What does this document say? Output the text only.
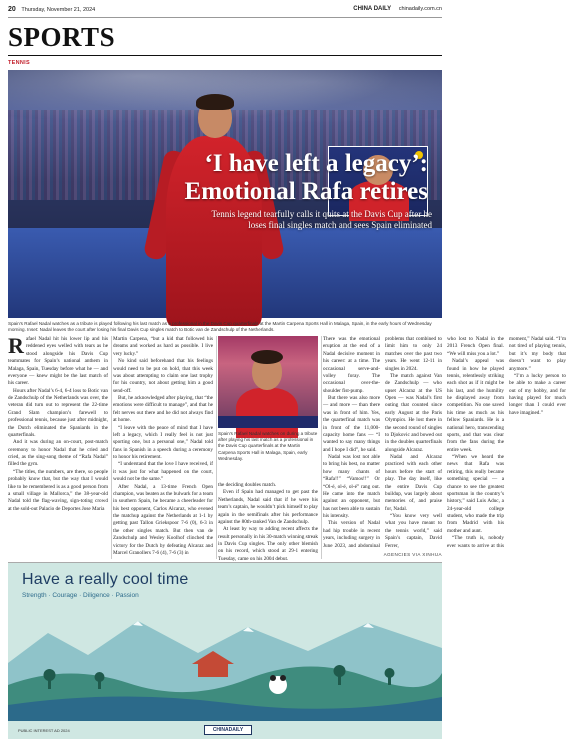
20 Thursday, November 21, 2024	CHINA DAILY chinadaily.com.cn
SPORTS
TENNIS
‘I have left a legacy’:
Emotional Rafa retires
Tennis legend tearfully calls it quits at the Davis Cup after he loses final singles match and sees Spain eliminated
Spain’s Rafael Nadal watches as a tribute is played following his last match as a professional in the Davis Cup quarterfinals at the Martin Carpena Sports Hall in Malaga, Spain, in the early hours of Wednesday morning. Inset: Nadal leaves the court after losing his final Davis Cup singles match to Botic van de Zandschulp of the Netherlands.

Rafael Nadal hit his lower lip and his reddened eyes welled with tears as he stood alongside his Davis Cup teammates for Spain’s national anthem in Malaga, Spain, Tuesday before what he — and everyone — knew might be the last match of his career.

Hours after Nadal’s 6-4, 6-4 loss to Botic van de Zandschulp of the Netherlands was over, the veteran did turn out to represent the 22-time Grand Slam champion’s farewell to professional tennis, because just after midnight, the Dutch eliminated the Spaniards in the quarterfinals.

And it was during an on-court, post-match ceremony to honor Nadal that he cried and cried, as the sing-song theme of “Rafa Nadal” filled the gym.

“The titles, the numbers, are there, so people probably know that, but the way that I would like to be remembered is as a good person from a small village in Mallorca,” the 38-year-old Nadal told the flag-waving, sign-toting crowd at the sold-out Palacio de Deportes Jose Maria

Martin Carpena, “but a kid that followed his dreams and worked as hard as possible. I live very lucky.”

No kind said beforehand that his feelings would need to be put on hold, that this week was about attempting to claim one last trophy for his country, not about getting him a good send-off.

But, he acknowledged after playing, that “the emotions were difficult to manage”, and that he felt nerves out there and he did not always find at home.

“I leave with the peace of mind that I have left a legacy, which I really feel is not just sporting one, but a personal one,” Nadal told fans in Spanish in a speech during a ceremony to honor his retirement.

“I understand that the love I have received, if it was just for what happened on the court, would not be the same.”

After Nadal, a 13-time French Open champion, was beaten as the bulwark for a team in southern Spain, he became a cheerleader for his best opponent, Carlos Alcaraz, who evened the matchup against the Netherlands at 1-1 by getting past Tallon Griekspoor 7-6 (0), 6-3 in the other singles match. But then van de Zandschulp and Wesley Koolhof clinched the victory for the Dutch by defeating Alcaraz and Marcel Granollers 7-6 (4), 7-6 (3) in

Spain’s Rafael Nadal watches on during a tribute after playing his last match as a professional in the Davis Cup quarterfinals at the Martin Carpena Sports Hall in Malaga, Spain, early Wednesday.

the deciding doubles match.

Even if Spain had managed to get past the Netherlands, Nadal said that if he were his team’s captain, he wouldn’t pick himself to play again in the semifinals after his performance against the 80th-ranked Van de Zandschulp.

At least by way to adding recent affects the result personally in his 30-match winning streak in Davis Cup singles. The only other blemish on his record, which stood at 29-1 entering Tuesday, came on his 2004 debut.

There was the emotional eruption at the end of a Nadal decisive moment in his career: at a time. The occasional serve-and-volley foray. The occasional over-the-shoulder fist-pump.

But there was also more — and more — than there was in front of him. Yes, the quarterfinal match was in front of the 11,000-capacity home fans — “I wanted to say many things and I hope I did”, he said.

Nadal was lost not able to bring his best, no matter how many chants of “Rafa!!” “Vamos!!” Or “Ol-é, ol-é, ol-é” rang out. He came into the match against an opponent, but has not been able to sustain his intensity.

This version of Nadal had hip trouble in recent years, including surgery in June 2023, and abdominal problems that combined to limit him to only 24 matches over the past two years. He went 12-11 in singles in 2024.

The match against Van de Zandschulp — who upset Alcaraz at the US Open — was Nadal’s first outing that counted since early August at the Paris Olympics. He lost there in the second round of singles to Djokovic and bowed out in the doubles quarterfinals alongside Alcaraz.

Nadal and Alcaraz practiced with each other hours before the start of play. The day itself, like the entire Davis Cup buildup, was largely about memories of, and praise for, Nadal.

“You know very well what you have meant to the tennis world,” said Spain’s captain, David Ferrer,

who lost to Nadal in the 2013 French Open final. “We will miss you a lot.”

Nadal’s appeal was found in how he played tennis, relentlessly striking each shot as if it might be his last, and the humility he displayed away from competition. No one saved his time as much as his fellow Spaniards. He is a national hero, transcending sports, and that was clear from the fans during the entire week.

“When we heard the news that Rafa was retiring, this really became something special — a chance to see the greatest sportsman in the country’s history,” said Luis Aduc, a 24-year-old college student, who made the trip from Madrid with his mother and aunt.

“The truth is, nobody ever wants to arrive at this moment,” Nadal said. “I’m not tired of playing tennis, but it’s my body that doesn’t want to play anymore.”

“I’m a lucky person to be able to make a career out of my hobby, and for having played for much longer than I could ever have imagined.”

AGENCIES VIA XINHUA
Have a really cool time
Strength · Courage · Diligence · Passion
PUBLIC INTEREST AD 2024	CHINADAILY
